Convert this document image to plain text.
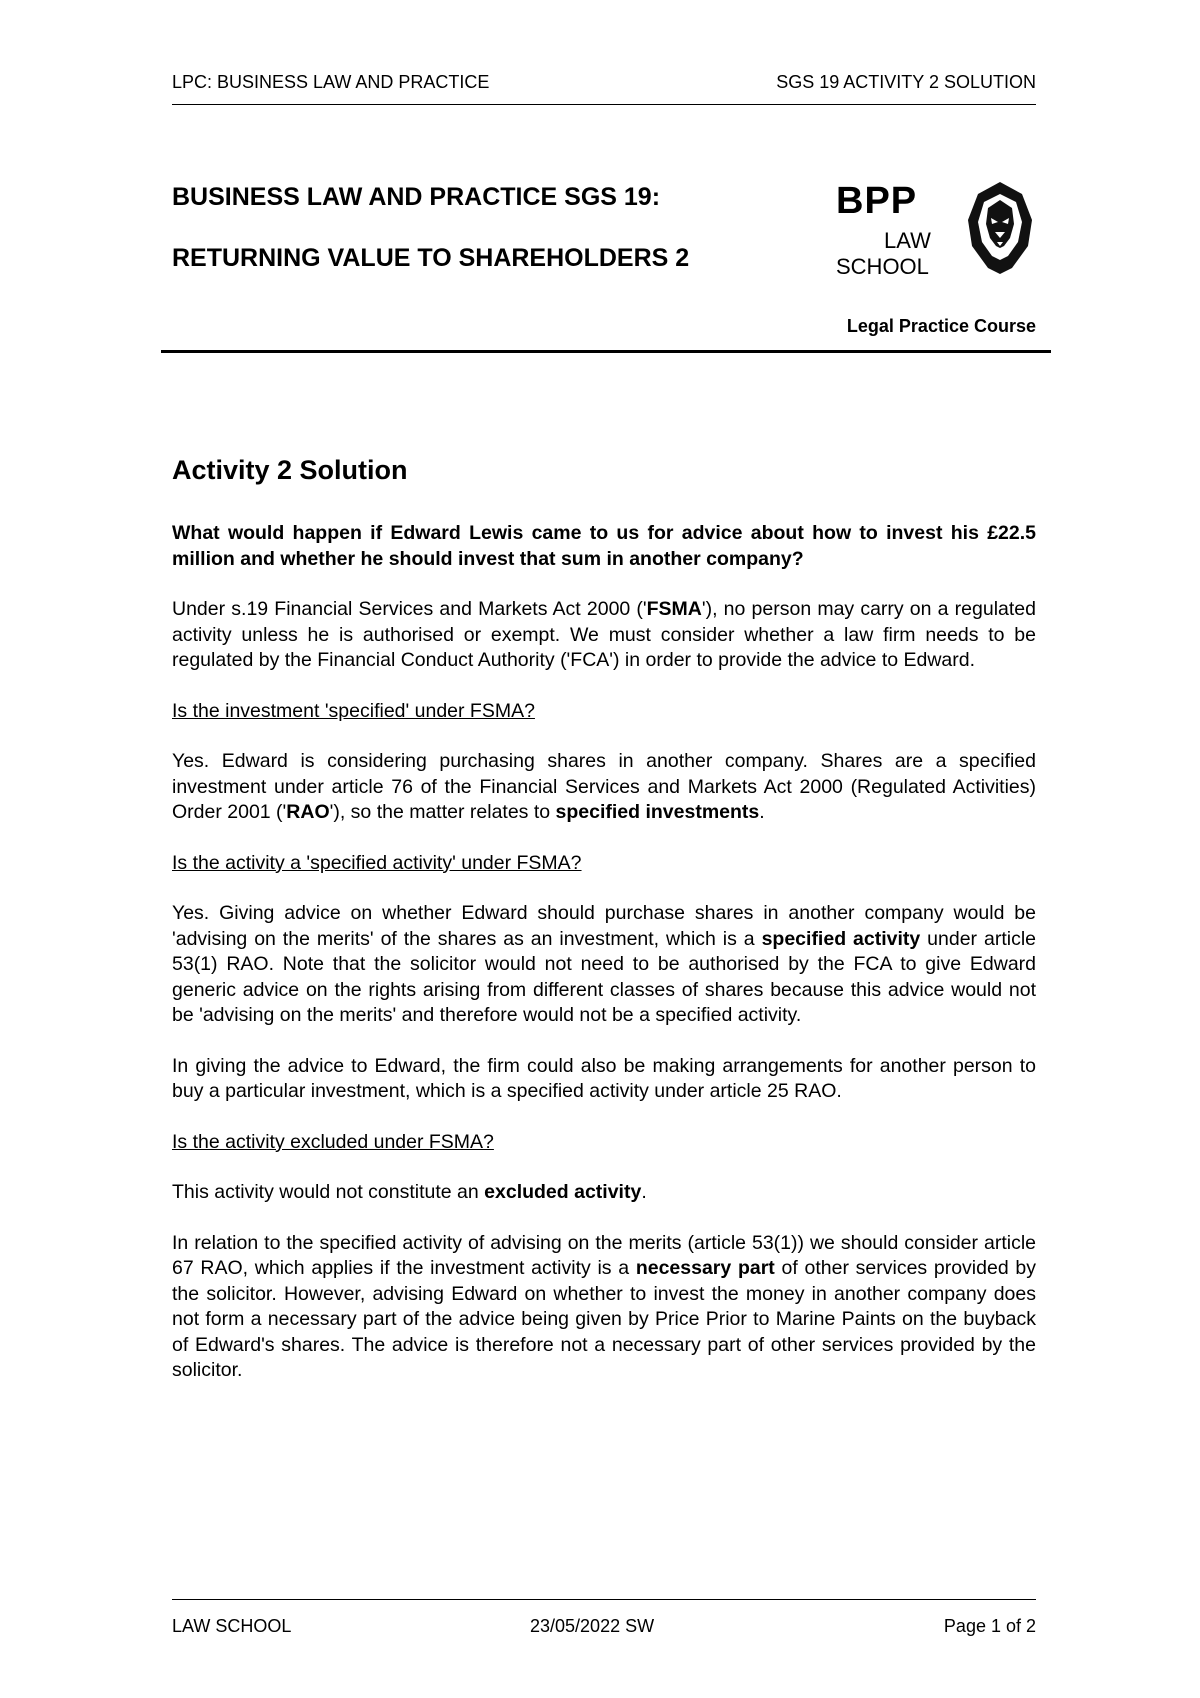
LPC: BUSINESS LAW AND PRACTICE	SGS 19 ACTIVITY 2 SOLUTION
BUSINESS LAW AND PRACTICE SGS 19:
RETURNING VALUE TO SHAREHOLDERS 2
BPP
LAW
SCHOOL
Legal Practice Course
Activity 2 Solution

What would happen if Edward Lewis came to us for advice about how to invest his £22.5 million and whether he should invest that sum in another company?

Under s.19 Financial Services and Markets Act 2000 ('FSMA'), no person may carry on a regulated activity unless he is authorised or exempt. We must consider whether a law firm needs to be regulated by the Financial Conduct Authority ('FCA') in order to provide the advice to Edward.

Is the investment 'specified' under FSMA?

Yes. Edward is considering purchasing shares in another company. Shares are a specified investment under article 76 of the Financial Services and Markets Act 2000 (Regulated Activities) Order 2001 ('RAO'), so the matter relates to specified investments.

Is the activity a 'specified activity' under FSMA?

Yes. Giving advice on whether Edward should purchase shares in another company would be 'advising on the merits' of the shares as an investment, which is a specified activity under article 53(1) RAO. Note that the solicitor would not need to be authorised by the FCA to give Edward generic advice on the rights arising from different classes of shares because this advice would not be 'advising on the merits' and therefore would not be a specified activity.

In giving the advice to Edward, the firm could also be making arrangements for another person to buy a particular investment, which is a specified activity under article 25 RAO.

Is the activity excluded under FSMA?

This activity would not constitute an excluded activity.

In relation to the specified activity of advising on the merits (article 53(1)) we should consider article 67 RAO, which applies if the investment activity is a necessary part of other services provided by the solicitor. However, advising Edward on whether to invest the money in another company does not form a necessary part of the advice being given by Price Prior to Marine Paints on the buyback of Edward's shares. The advice is therefore not a necessary part of other services provided by the solicitor.

LAW SCHOOL	23/05/2022 SW	Page 1 of 2
